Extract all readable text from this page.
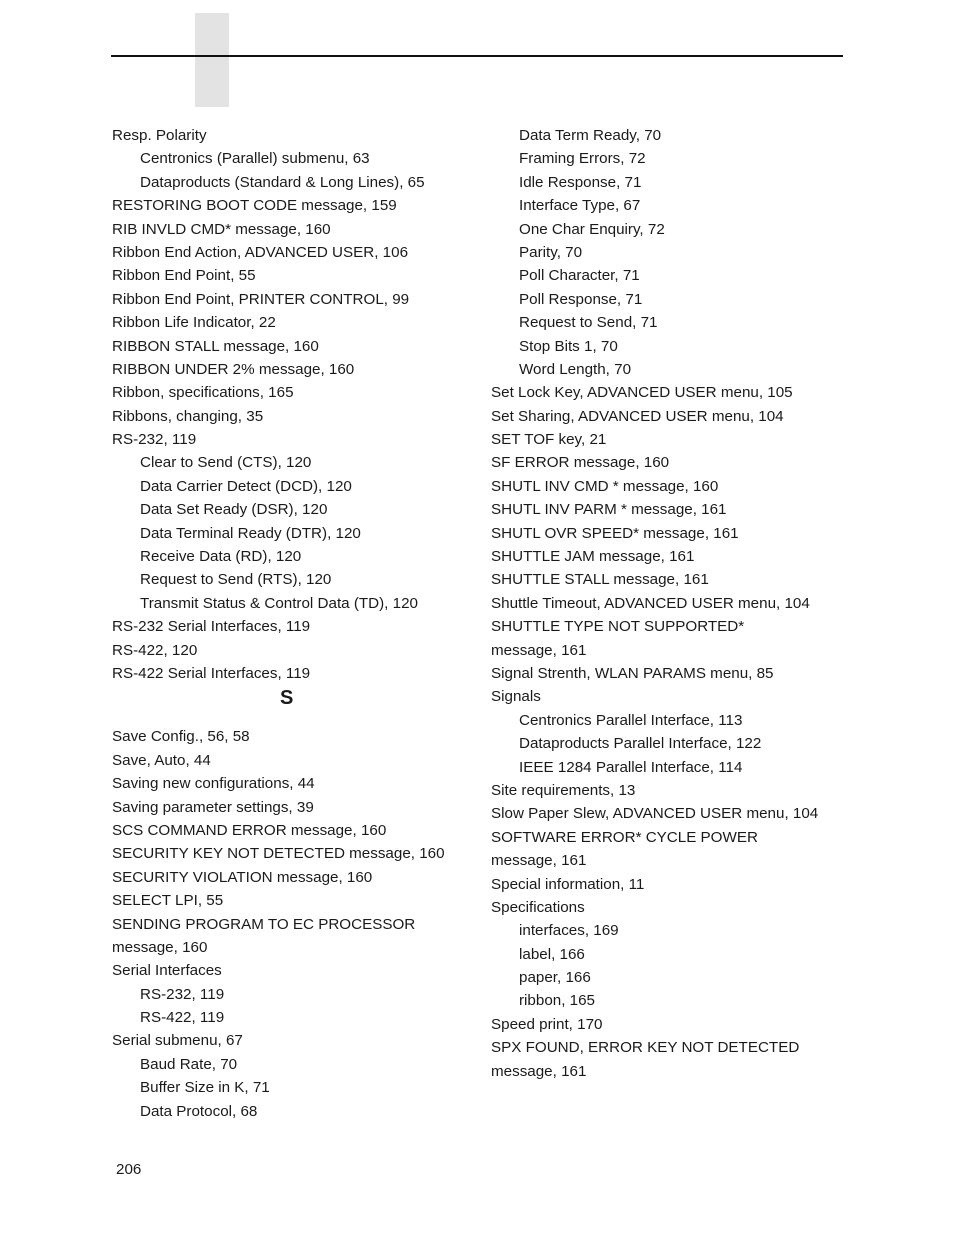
Resp. Polarity
Centronics (Parallel) submenu, 63
Dataproducts (Standard & Long Lines), 65
RESTORING BOOT CODE message, 159
RIB INVLD CMD* message, 160
Ribbon End Action, ADVANCED USER, 106
Ribbon End Point, 55
Ribbon End Point, PRINTER CONTROL, 99
Ribbon Life Indicator, 22
RIBBON STALL message, 160
RIBBON UNDER 2% message, 160
Ribbon, specifications, 165
Ribbons, changing, 35
RS-232, 119
Clear to Send (CTS), 120
Data Carrier Detect (DCD), 120
Data Set Ready (DSR), 120
Data Terminal Ready (DTR), 120
Receive Data (RD), 120
Request to Send (RTS), 120
Transmit Status & Control Data (TD), 120
RS-232 Serial Interfaces, 119
RS-422, 120
RS-422 Serial Interfaces, 119
S
Save Config., 56, 58
Save, Auto, 44
Saving new configurations, 44
Saving parameter settings, 39
SCS COMMAND ERROR message, 160
SECURITY KEY NOT DETECTED message, 160
SECURITY VIOLATION message, 160
SELECT LPI, 55
SENDING PROGRAM TO EC PROCESSOR
message, 160
Serial Interfaces
RS-232, 119
RS-422, 119
Serial submenu, 67
Baud Rate, 70
Buffer Size in K, 71
Data Protocol, 68
Data Term Ready, 70
Framing Errors, 72
Idle Response, 71
Interface Type, 67
One Char Enquiry, 72
Parity, 70
Poll Character, 71
Poll Response, 71
Request to Send, 71
Stop Bits 1, 70
Word Length, 70
Set Lock Key, ADVANCED USER menu, 105
Set Sharing, ADVANCED USER menu, 104
SET TOF key, 21
SF ERROR message, 160
SHUTL INV CMD * message, 160
SHUTL INV PARM * message, 161
SHUTL OVR SPEED* message, 161
SHUTTLE JAM message, 161
SHUTTLE STALL message, 161
Shuttle Timeout, ADVANCED USER menu, 104
SHUTTLE TYPE NOT SUPPORTED*
message, 161
Signal Strenth, WLAN PARAMS menu, 85
Signals
Centronics Parallel Interface, 113
Dataproducts Parallel Interface, 122
IEEE 1284 Parallel Interface, 114
Site requirements, 13
Slow Paper Slew, ADVANCED USER menu, 104
SOFTWARE ERROR* CYCLE POWER
message, 161
Special information, 11
Specifications
interfaces, 169
label, 166
paper, 166
ribbon, 165
Speed print, 170
SPX FOUND, ERROR KEY NOT DETECTED
message, 161
206
